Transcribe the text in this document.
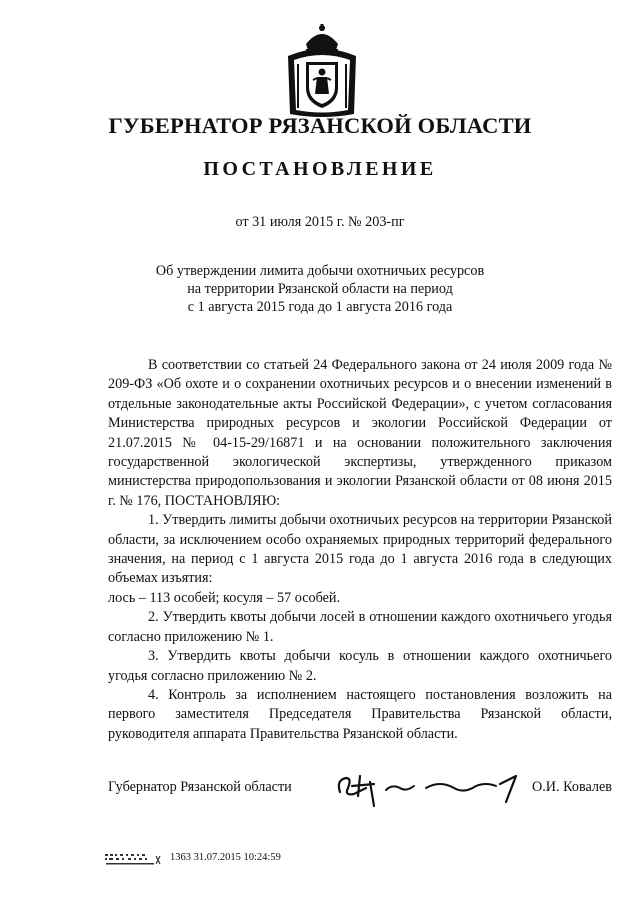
ГУБЕРНАТОР РЯЗАНСКОЙ ОБЛАСТИ
ПОСТАНОВЛЕНИЕ
от 31 июля 2015 г. № 203-пг
Об утверждении лимита добычи охотничьих ресурсов
на территории Рязанской области на период
с 1 августа 2015 года до 1 августа 2016 года

В соответствии со статьей 24 Федерального закона от 24 июля 2009 года № 209-ФЗ «Об охоте и о сохранении охотничьих ресурсов и о внесении изменений в отдельные законодательные акты Российской Федерации», с учетом согласования Министерства природных ресурсов и экологии Российской Федерации от 21.07.2015 № 04-15-29/16871 и на основании положительного заключения государственной экологической экспертизы, утвержденного приказом министерства природопользования и экологии Рязанской области от 08 июня 2015 г. № 176, ПОСТАНОВЛЯЮ:

1. Утвердить лимиты добычи охотничьих ресурсов на территории Рязанской области, за исключением особо охраняемых природных территорий федерального значения, на период с 1 августа 2015 года до 1 августа 2016 года в следующих объемах изъятия:

лось – 113 особей; косуля – 57 особей.

2. Утвердить квоты добычи лосей в отношении каждого охотничьего угодья согласно приложению № 1.

3. Утвердить квоты добычи косуль в отношении каждого охотничьего угодья согласно приложению № 2.

4. Контроль за исполнением настоящего постановления возложить на первого заместителя Председателя Правительства Рязанской области, руководителя аппарата Правительства Рязанской области.

Губернатор Рязанской области	О.И. Ковалев
1363 31.07.2015 10:24:59
